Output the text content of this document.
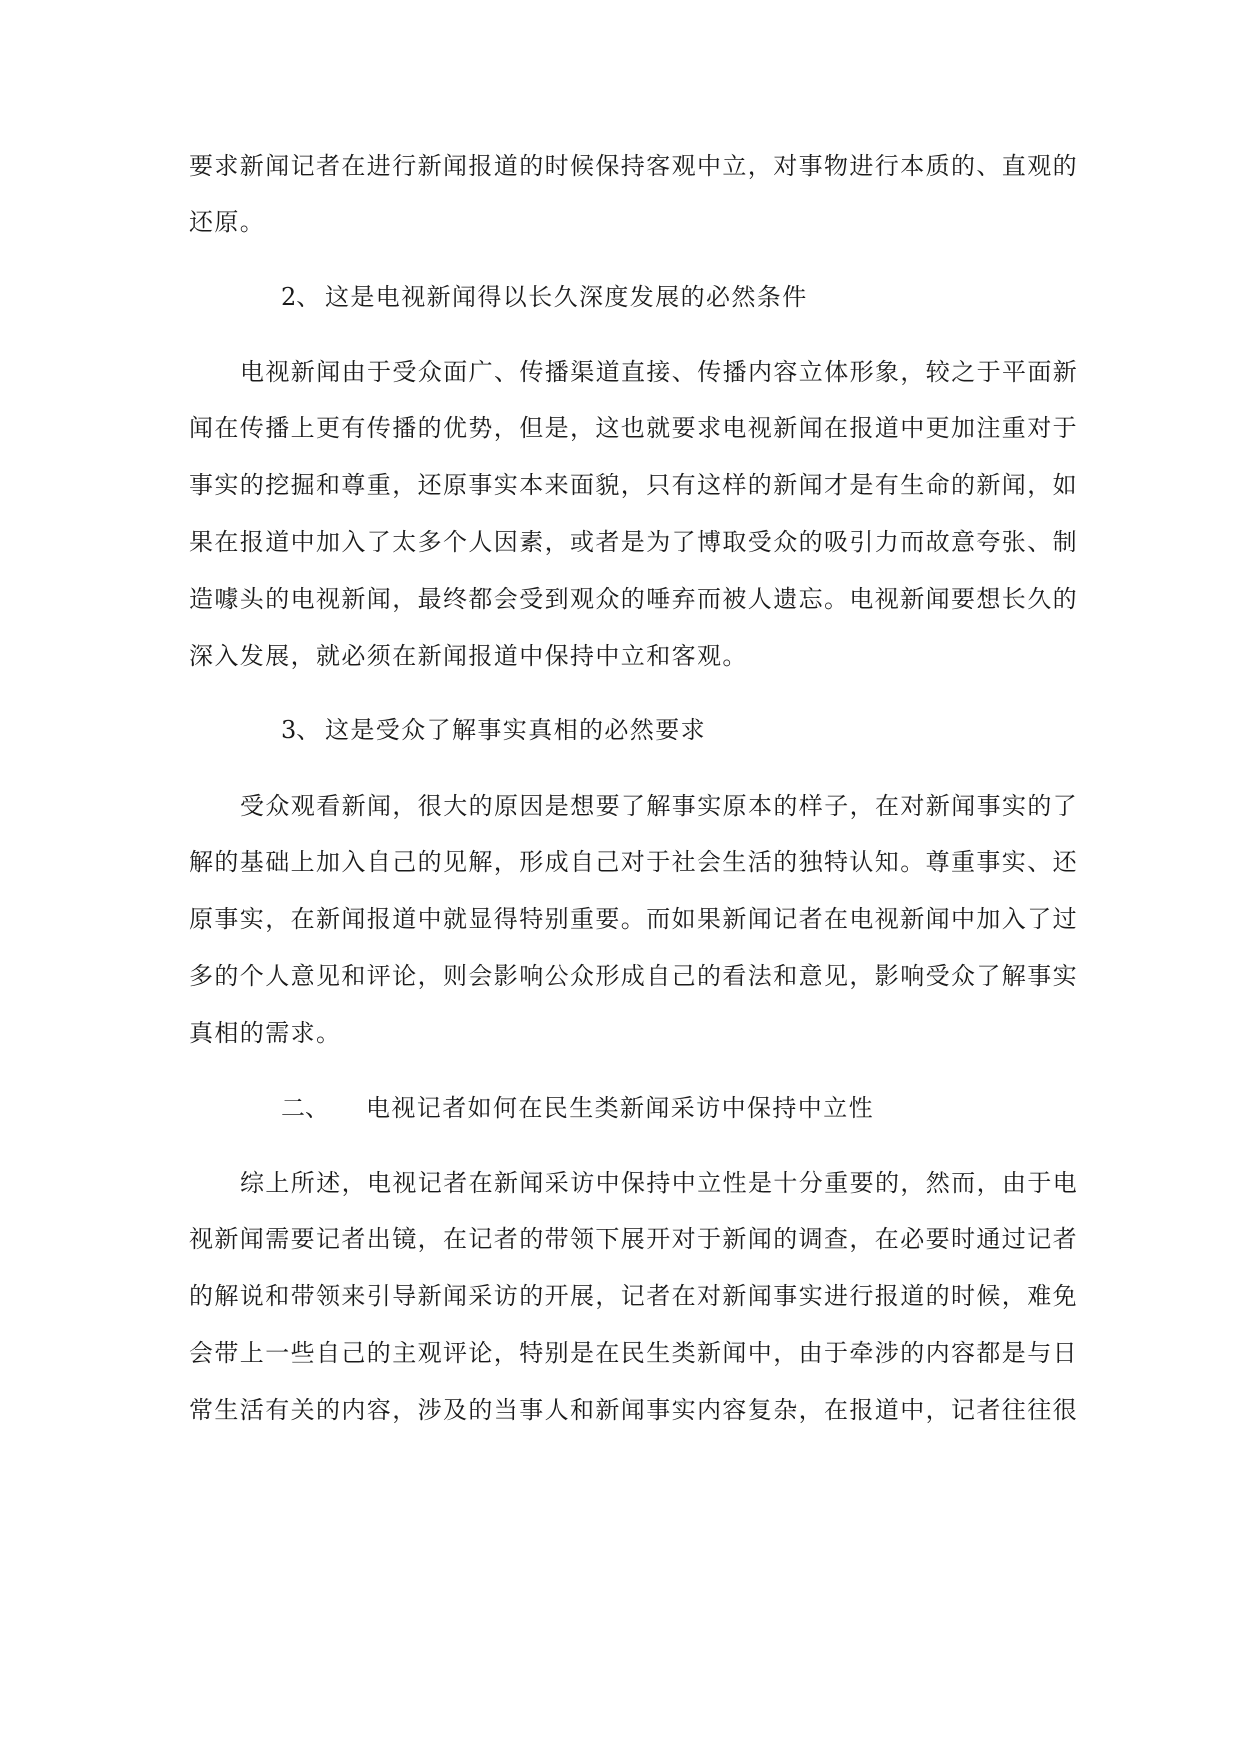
要求新闻记者在进行新闻报道的时候保持客观中立，对事物进行本质的、直观的
还原。
2、 这是电视新闻得以长久深度发展的必然条件
电视新闻由于受众面广、传播渠道直接、传播内容立体形象，较之于平面新
闻在传播上更有传播的优势，但是，这也就要求电视新闻在报道中更加注重对于
事实的挖掘和尊重，还原事实本来面貌，只有这样的新闻才是有生命的新闻，如
果在报道中加入了太多个人因素，或者是为了博取受众的吸引力而故意夸张、制
造噱头的电视新闻，最终都会受到观众的唾弃而被人遗忘。电视新闻要想长久的
深入发展，就必须在新闻报道中保持中立和客观。
3、 这是受众了解事实真相的必然要求
受众观看新闻，很大的原因是想要了解事实原本的样子，在对新闻事实的了
解的基础上加入自己的见解，形成自己对于社会生活的独特认知。尊重事实、还
原事实，在新闻报道中就显得特别重要。而如果新闻记者在电视新闻中加入了过
多的个人意见和评论，则会影响公众形成自己的看法和意见，影响受众了解事实
真相的需求。
二、 电视记者如何在民生类新闻采访中保持中立性
综上所述，电视记者在新闻采访中保持中立性是十分重要的，然而，由于电
视新闻需要记者出镜，在记者的带领下展开对于新闻的调查，在必要时通过记者
的解说和带领来引导新闻采访的开展，记者在对新闻事实进行报道的时候，难免
会带上一些自己的主观评论，特别是在民生类新闻中，由于牵涉的内容都是与日
常生活有关的内容，涉及的当事人和新闻事实内容复杂，在报道中，记者往往很
